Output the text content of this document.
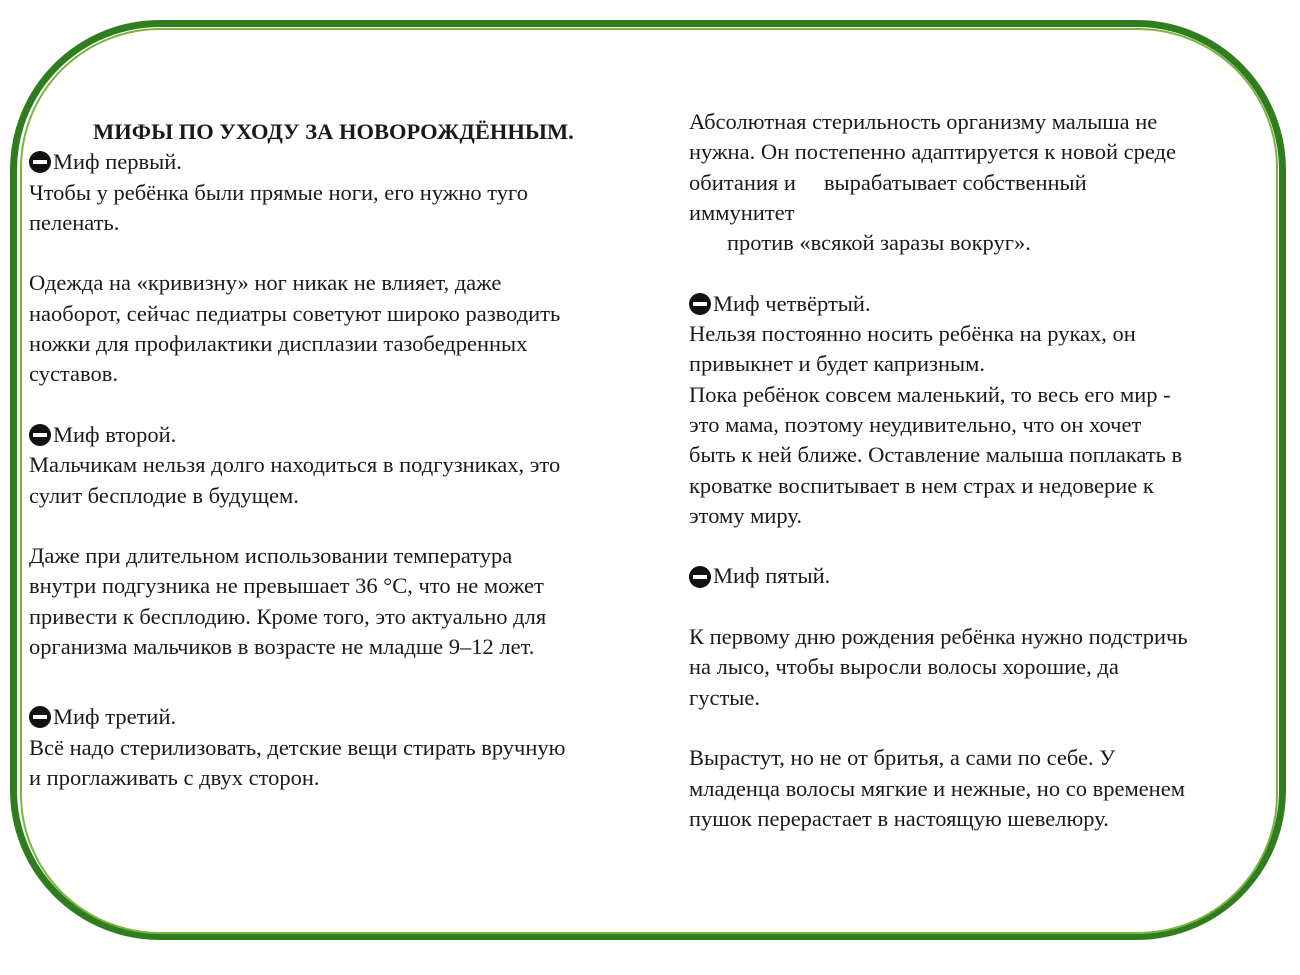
МИФЫ ПО УХОДУ ЗА НОВОРОЖДЁННЫМ.
Миф первый.
Чтобы у ребёнка были прямые ноги, его нужно туго
пеленать.
Одежда на «кривизну» ног никак не влияет, даже
наоборот, сейчас педиатры советуют широко разводить
ножки для профилактики дисплазии тазобедренных
суставов.
Миф второй.
Мальчикам нельзя долго находиться в подгузниках, это
сулит бесплодие в будущем.
Даже при длительном использовании температура
внутри подгузника не превышает 36 °C, что не может
привести к бесплодию. Кроме того, это актуально для
организма мальчиков в возрасте не младше 9–12 лет.
Миф третий.
Всё надо стерилизовать, детские вещи стирать вручную
и проглаживать с двух сторон.
Абсолютная стерильность организму малыша не
нужна. Он постепенно адаптируется к новой среде
обитания и вырабатывает собственный
иммунитет
против «всякой заразы вокруг».
Миф четвёртый.
Нельзя постоянно носить ребёнка на руках, он
привыкнет и будет капризным.
Пока ребёнок совсем маленький, то весь его мир -
это мама, поэтому неудивительно, что он хочет
быть к ней ближе. Оставление малыша поплакать в
кроватке воспитывает в нем страх и недоверие к
этому миру.
Миф пятый.
К первому дню рождения ребёнка нужно подстричь
на лысо, чтобы выросли волосы хорошие, да
густые.
Вырастут, но не от бритья, а сами по себе. У
младенца волосы мягкие и нежные, но со временем
пушок перерастает в настоящую шевелюру.
